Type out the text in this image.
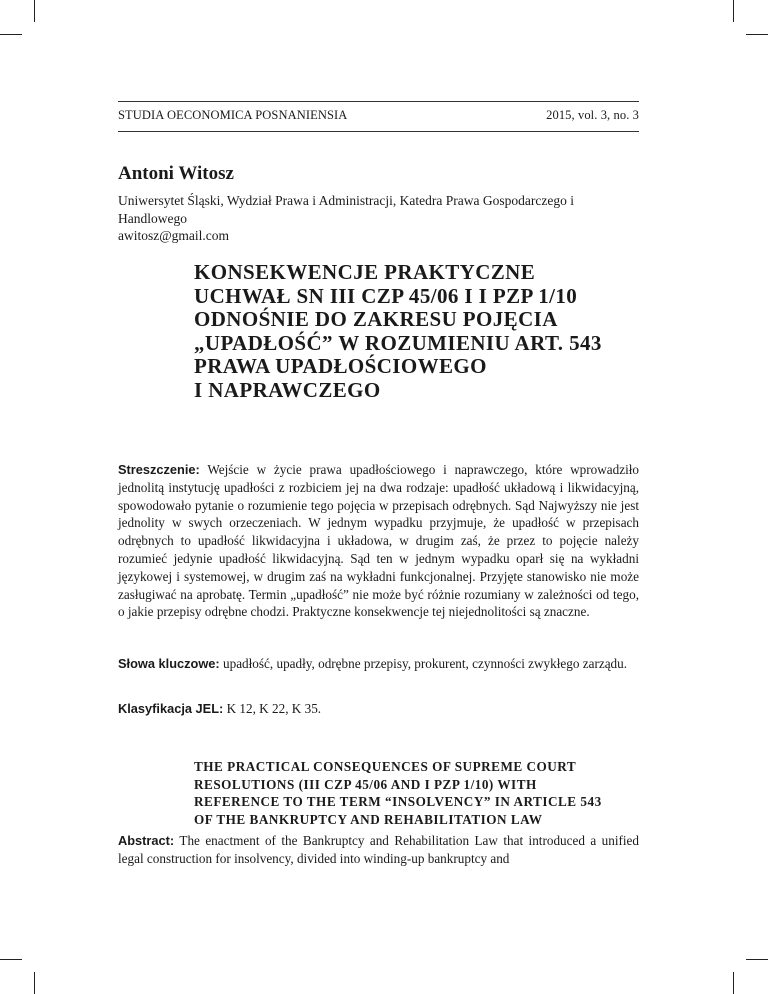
STUDIA OECONOMICA POSNANIENSIA	2015, vol. 3, no. 3
Antoni Witosz
Uniwersytet Śląski, Wydział Prawa i Administracji, Katedra Prawa Gospodarczego i Handlowego
awitosz@gmail.com
KONSEKWENCJE PRAKTYCZNE
UCHWAŁ SN III CZP 45/06 I I PZP 1/10
ODNOŚNIE DO ZAKRESU POJĘCIA
„UPADŁOŚĆ” W ROZUMIENIU ART. 543
PRAWA UPADŁOŚCIOWEGO
I NAPRAWCZEGO
Streszczenie: Wejście w życie prawa upadłościowego i naprawczego, które wprowadziło jednolitą instytucję upadłości z rozbiciem jej na dwa rodzaje: upadłość układową i likwidacyjną, spowodowało pytanie o rozumienie tego pojęcia w przepisach odrębnych. Sąd Najwyższy nie jest jednolity w swych orzeczeniach. W jednym wypadku przyjmuje, że upadłość w przepisach odrębnych to upadłość likwidacyjna i układowa, w drugim zaś, że przez to pojęcie należy rozumieć jedynie upadłość likwidacyjną. Sąd ten w jednym wypadku oparł się na wykładni językowej i systemowej, w drugim zaś na wykładni funkcjonalnej. Przyjęte stanowisko nie może zasługiwać na aprobatę. Termin „upadłość” nie może być różnie rozumiany w zależności od tego, o jakie przepisy odrębne chodzi. Praktyczne konsekwencje tej niejednolitości są znaczne.
Słowa kluczowe: upadłość, upadły, odrębne przepisy, prokurent, czynności zwykłego zarządu.
Klasyfikacja JEL: K 12, K 22, K 35.
THE PRACTICAL CONSEQUENCES OF SUPREME COURT
RESOLUTIONS (III CZP 45/06 AND I PZP 1/10) WITH
REFERENCE TO THE TERM “INSOLVENCY” IN ARTICLE 543
OF THE BANKRUPTCY AND REHABILITATION LAW
Abstract: The enactment of the Bankruptcy and Rehabilitation Law that introduced a unified legal construction for insolvency, divided into winding-up bankruptcy and
